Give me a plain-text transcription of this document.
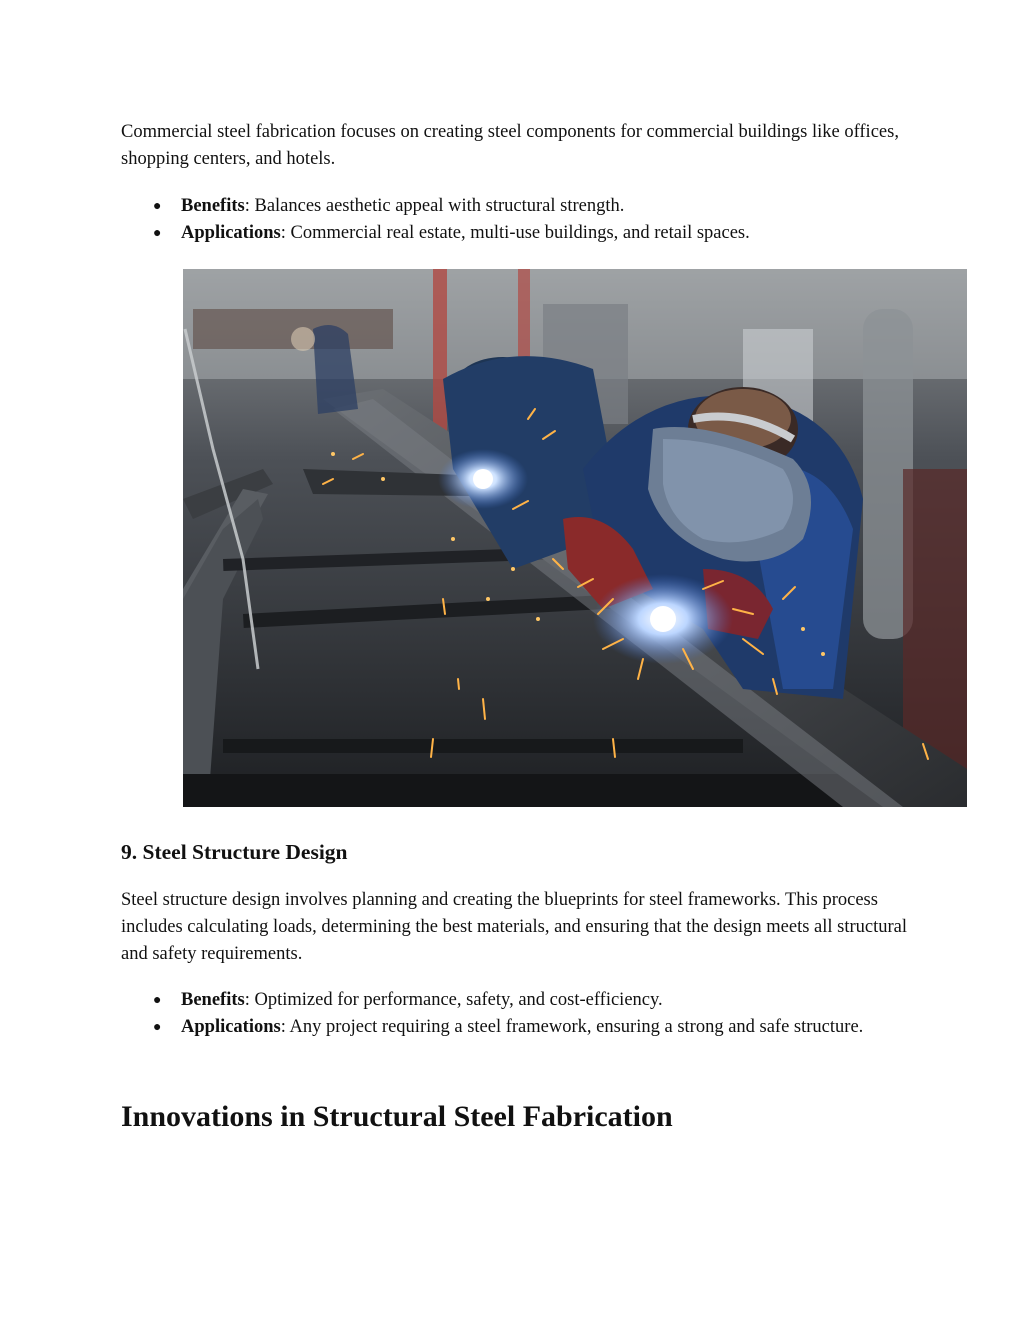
Commercial steel fabrication focuses on creating steel components for commercial buildings like offices, shopping centers, and hotels.

● Benefits: Balances aesthetic appeal with structural strength.
● Applications: Commercial real estate, multi-use buildings, and retail spaces.
9. Steel Structure Design

Steel structure design involves planning and creating the blueprints for steel frameworks. This process includes calculating loads, determining the best materials, and ensuring that the design meets all structural and safety requirements.

● Benefits: Optimized for performance, safety, and cost-efficiency.
● Applications: Any project requiring a steel framework, ensuring a strong and safe structure.
Innovations in Structural Steel Fabrication
